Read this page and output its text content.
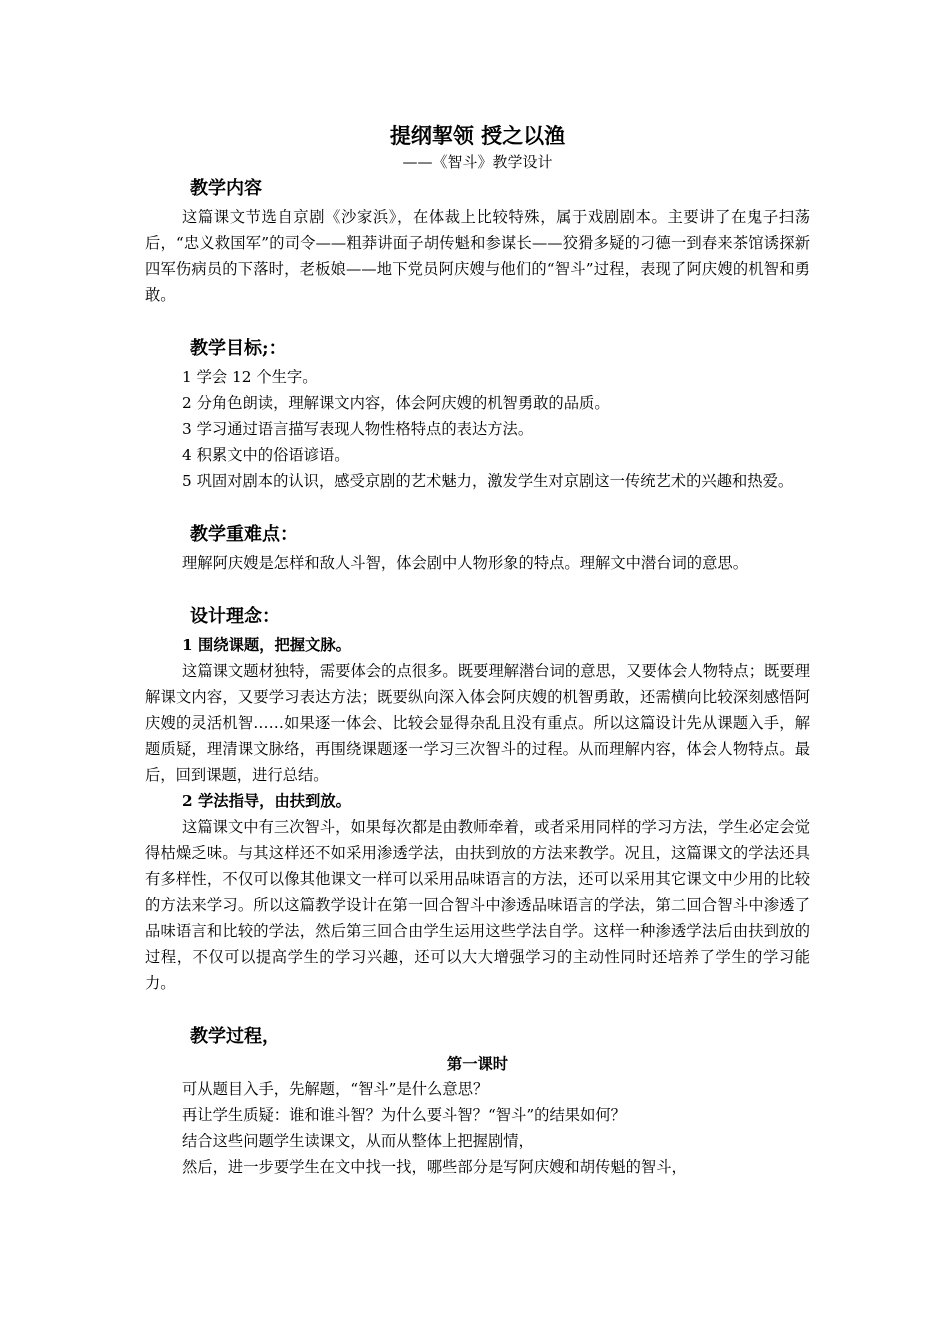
提纲挈领 授之以渔

——《智斗》教学设计

教学内容

这篇课文节选自京剧《沙家浜》，在体裁上比较特殊，属于戏剧剧本。主要讲了在鬼子扫荡后，“忠义救国军”的司令——粗莽讲面子胡传魁和参谋长——狡猾多疑的刁德一到春来茶馆诱探新四军伤病员的下落时，老板娘——地下党员阿庆嫂与他们的“智斗”过程，表现了阿庆嫂的机智和勇敢。

教学目标;：

1 学会 12 个生字。

2 分角色朗读，理解课文内容，体会阿庆嫂的机智勇敢的品质。

3 学习通过语言描写表现人物性格特点的表达方法。

4 积累文中的俗语谚语。

5 巩固对剧本的认识，感受京剧的艺术魅力，激发学生对京剧这一传统艺术的兴趣和热爱。

教学重难点：

理解阿庆嫂是怎样和敌人斗智，体会剧中人物形象的特点。理解文中潜台词的意思。

设计理念：

1 围绕课题，把握文脉。

这篇课文题材独特，需要体会的点很多。既要理解潜台词的意思，又要体会人物特点；既要理解课文内容，又要学习表达方法；既要纵向深入体会阿庆嫂的机智勇敢，还需横向比较深刻感悟阿庆嫂的灵活机智……如果逐一体会、比较会显得杂乱且没有重点。所以这篇设计先从课题入手，解题质疑，理清课文脉络，再围绕课题逐一学习三次智斗的过程。从而理解内容，体会人物特点。最后，回到课题，进行总结。

2 学法指导，由扶到放。

这篇课文中有三次智斗，如果每次都是由教师牵着，或者采用同样的学习方法，学生必定会觉得枯燥乏味。与其这样还不如采用渗透学法，由扶到放的方法来教学。况且，这篇课文的学法还具有多样性，不仅可以像其他课文一样可以采用品味语言的方法，还可以采用其它课文中少用的比较的方法来学习。所以这篇教学设计在第一回合智斗中渗透品味语言的学法，第二回合智斗中渗透了品味语言和比较的学法，然后第三回合由学生运用这些学法自学。这样一种渗透学法后由扶到放的过程，不仅可以提高学生的学习兴趣，还可以大大增强学习的主动性同时还培养了学生的学习能力。

教学过程，

第一课时

可从题目入手，先解题，“智斗”是什么意思？

再让学生质疑：谁和谁斗智？为什么要斗智？“智斗”的结果如何？

结合这些问题学生读课文，从而从整体上把握剧情，

然后，进一步要学生在文中找一找，哪些部分是写阿庆嫂和胡传魁的智斗，
